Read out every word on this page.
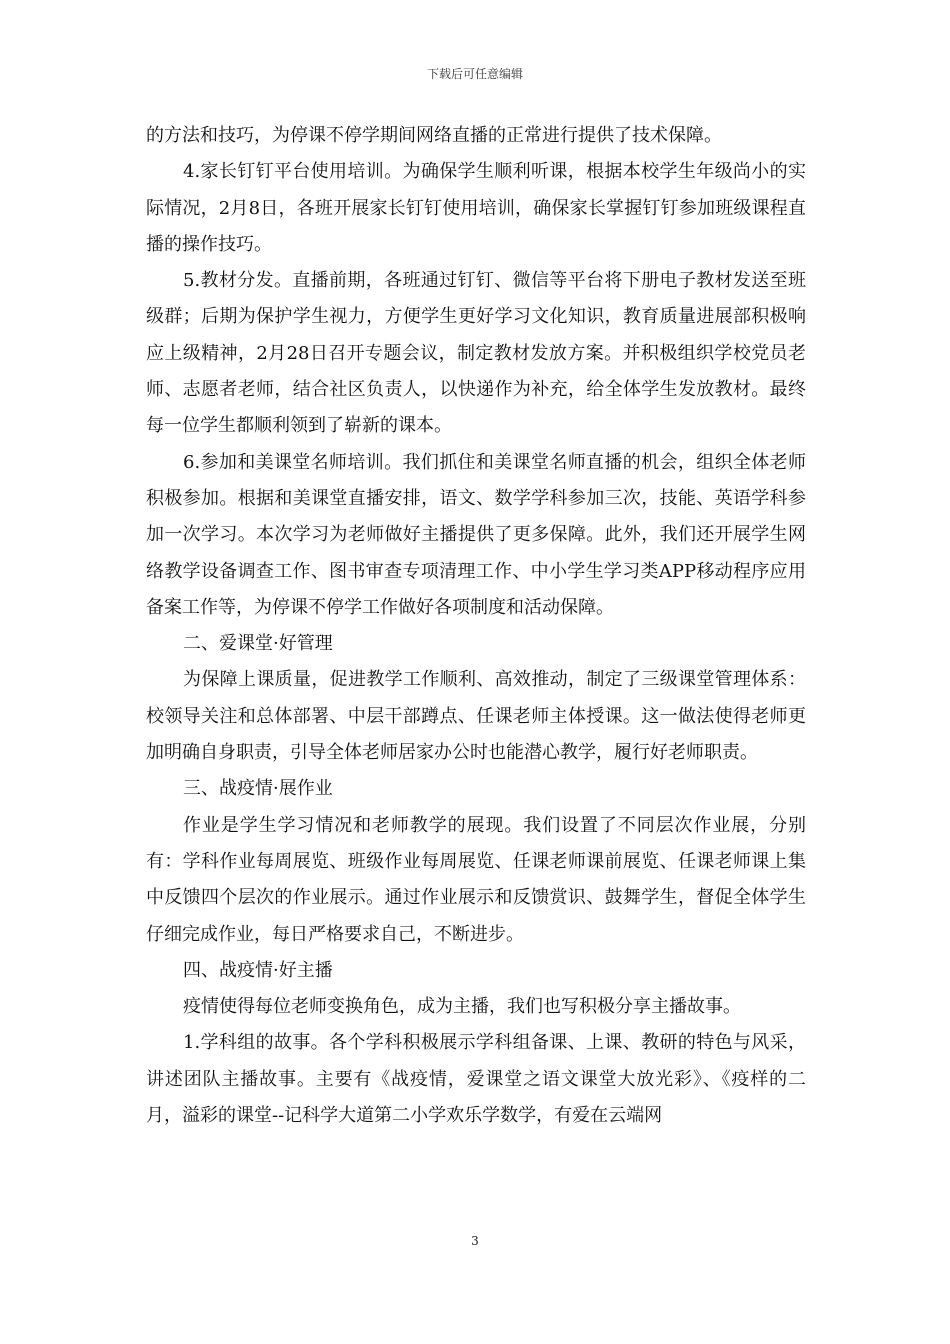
下载后可任意编辑

的方法和技巧，为停课不停学期间网络直播的正常进行提供了技术保障。

4.家长钉钉平台使用培训。为确保学生顺利听课，根据本校学生年级尚小的实际情况，2月8日，各班开展家长钉钉使用培训，确保家长掌握钉钉参加班级课程直播的操作技巧。

5.教材分发。直播前期，各班通过钉钉、微信等平台将下册电子教材发送至班级群；后期为保护学生视力，方便学生更好学习文化知识，教育质量进展部积极响应上级精神，2月28日召开专题会议，制定教材发放方案。并积极组织学校党员老师、志愿者老师，结合社区负责人，以快递作为补充，给全体学生发放教材。最终每一位学生都顺利领到了崭新的课本。

6.参加和美课堂名师培训。我们抓住和美课堂名师直播的机会，组织全体老师积极参加。根据和美课堂直播安排，语文、数学学科参加三次，技能、英语学科参加一次学习。本次学习为老师做好主播提供了更多保障。此外，我们还开展学生网络教学设备调查工作、图书审查专项清理工作、中小学生学习类APP移动程序应用备案工作等，为停课不停学工作做好各项制度和活动保障。

二、爱课堂·好管理

为保障上课质量，促进教学工作顺利、高效推动，制定了三级课堂管理体系：校领导关注和总体部署、中层干部蹲点、任课老师主体授课。这一做法使得老师更加明确自身职责，引导全体老师居家办公时也能潜心教学，履行好老师职责。

三、战疫情·展作业

作业是学生学习情况和老师教学的展现。我们设置了不同层次作业展，分别有：学科作业每周展览、班级作业每周展览、任课老师课前展览、任课老师课上集中反馈四个层次的作业展示。通过作业展示和反馈赏识、鼓舞学生，督促全体学生仔细完成作业，每日严格要求自己，不断进步。

四、战疫情·好主播

疫情使得每位老师变换角色，成为主播，我们也写积极分享主播故事。

1.学科组的故事。各个学科积极展示学科组备课、上课、教研的特色与风采，讲述团队主播故事。主要有《战疫情，爱课堂之语文课堂大放光彩》、《疫样的二月，溢彩的课堂--记科学大道第二小学欢乐学数学，有爱在云端网

3
